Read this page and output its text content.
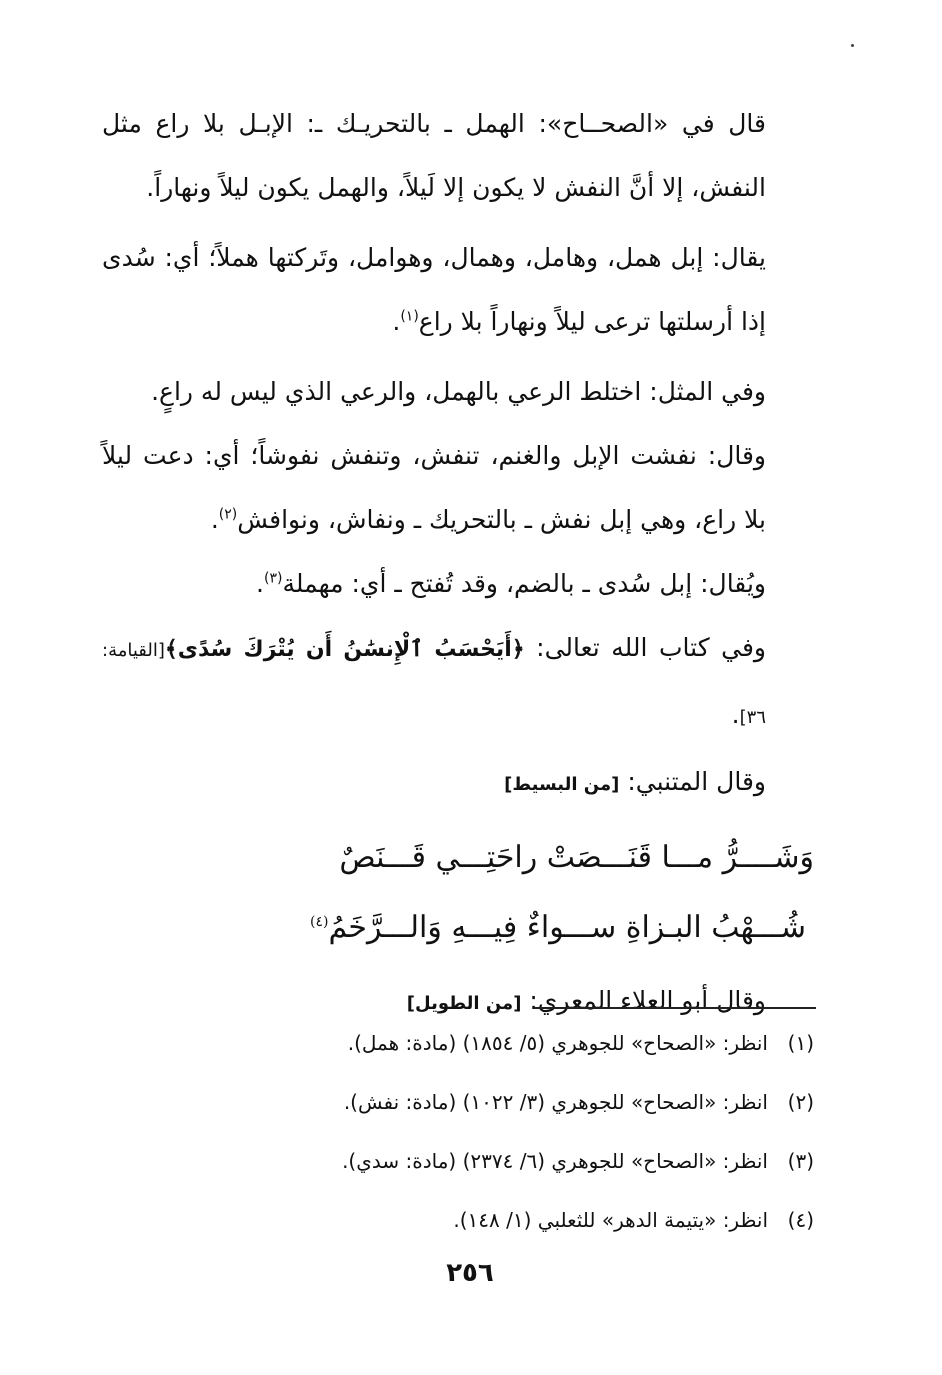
قال في «الصحــاح»: الهمل ـ بالتحريـك ـ: الإبـل بلا راع مثل النفش، إلا أنَّ النفش لا يكون إلا لَيلاً، والهمل يكون ليلاً ونهاراً.

يقال: إبل همل، وهامل، وهمال، وهوامل، وتَركتها هملاً؛ أي: سُدى إذا أرسلتها ترعى ليلاً ونهاراً بلا راع$^{(١)}$.

وفي المثل: اختلط الرعي بالهمل، والرعي الذي ليس له راعٍ.

وقال: نفشت الإبل والغنم، تنفش، وتنفش نفوشاً؛ أي: دعت ليلاً بلا راع، وهي إبل نفش ـ بالتحريك ـ ونفاش، ونوافش$^{(٢)}$.

ويُقال: إبل سُدى ـ بالضم، وقد تُفتح ـ أي: مهملة$^{(٣)}$.

وفي كتاب الله تعالى: ﴿أَيَحْسَبُ ٱلْإِنسَٰنُ أَن يُتْرَكَ سُدًى﴾[القيامة: ٣٦].

وقال المتنبي: [من البسيط]

وَشَــــرُّ مـــا قَنَـــصَتْ راحَتِـــي قَـــنَصٌ

شُـــهْبُ البـزاةِ ســـواءٌ فِيـــهِ وَالـــرَّخَمُ$^{(٤)}$

وقال أبو العلاء المعري: [من الطويل]

(١)
انظر: «الصحاح» للجوهري (٥/ ١٨٥٤) (مادة: همل).
(٢)
انظر: «الصحاح» للجوهري (٣/ ١٠٢٢) (مادة: نفش).
(٣)
انظر: «الصحاح» للجوهري (٦/ ٢٣٧٤) (مادة: سدي).
(٤)
انظر: «يتيمة الدهر» للثعلبي (١/ ١٤٨).
٢٥٦
